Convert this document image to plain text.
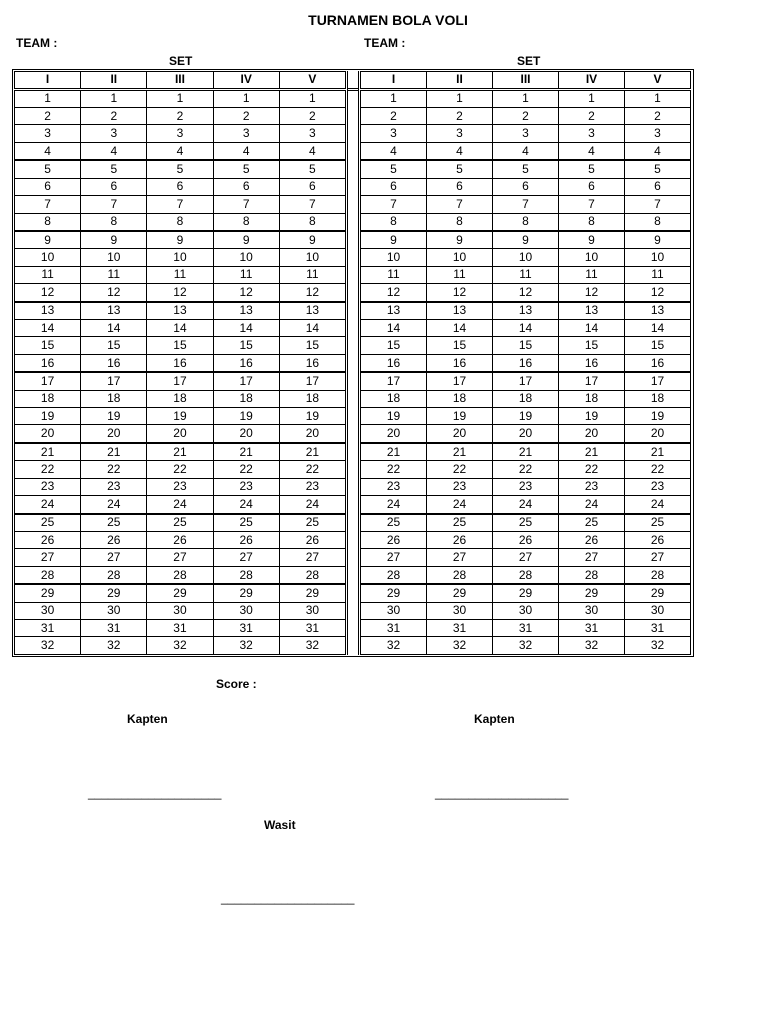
TURNAMEN BOLA VOLI
TEAM :	TEAM :
SET	SET
I	II	III	IV	V
1	1	1	1	1
2	2	2	2	2
3	3	3	3	3
4	4	4	4	4
5	5	5	5	5
6	6	6	6	6
7	7	7	7	7
8	8	8	8	8
9	9	9	9	9
10	10	10	10	10
11	11	11	11	11
12	12	12	12	12
13	13	13	13	13
14	14	14	14	14
15	15	15	15	15
16	16	16	16	16
17	17	17	17	17
18	18	18	18	18
19	19	19	19	19
20	20	20	20	20
21	21	21	21	21
22	22	22	22	22
23	23	23	23	23
24	24	24	24	24
25	25	25	25	25
26	26	26	26	26
27	27	27	27	27
28	28	28	28	28
29	29	29	29	29
30	30	30	30	30
31	31	31	31	31
32	32	32	32	32
I	II	III	IV	V
1	1	1	1	1
2	2	2	2	2
3	3	3	3	3
4	4	4	4	4
5	5	5	5	5
6	6	6	6	6
7	7	7	7	7
8	8	8	8	8
9	9	9	9	9
10	10	10	10	10
11	11	11	11	11
12	12	12	12	12
13	13	13	13	13
14	14	14	14	14
15	15	15	15	15
16	16	16	16	16
17	17	17	17	17
18	18	18	18	18
19	19	19	19	19
20	20	20	20	20
21	21	21	21	21
22	22	22	22	22
23	23	23	23	23
24	24	24	24	24
25	25	25	25	25
26	26	26	26	26
27	27	27	27	27
28	28	28	28	28
29	29	29	29	29
30	30	30	30	30
31	31	31	31	31
32	32	32	32	32
Score :
Kapten	Kapten
____________________	____________________
Wasit
____________________
